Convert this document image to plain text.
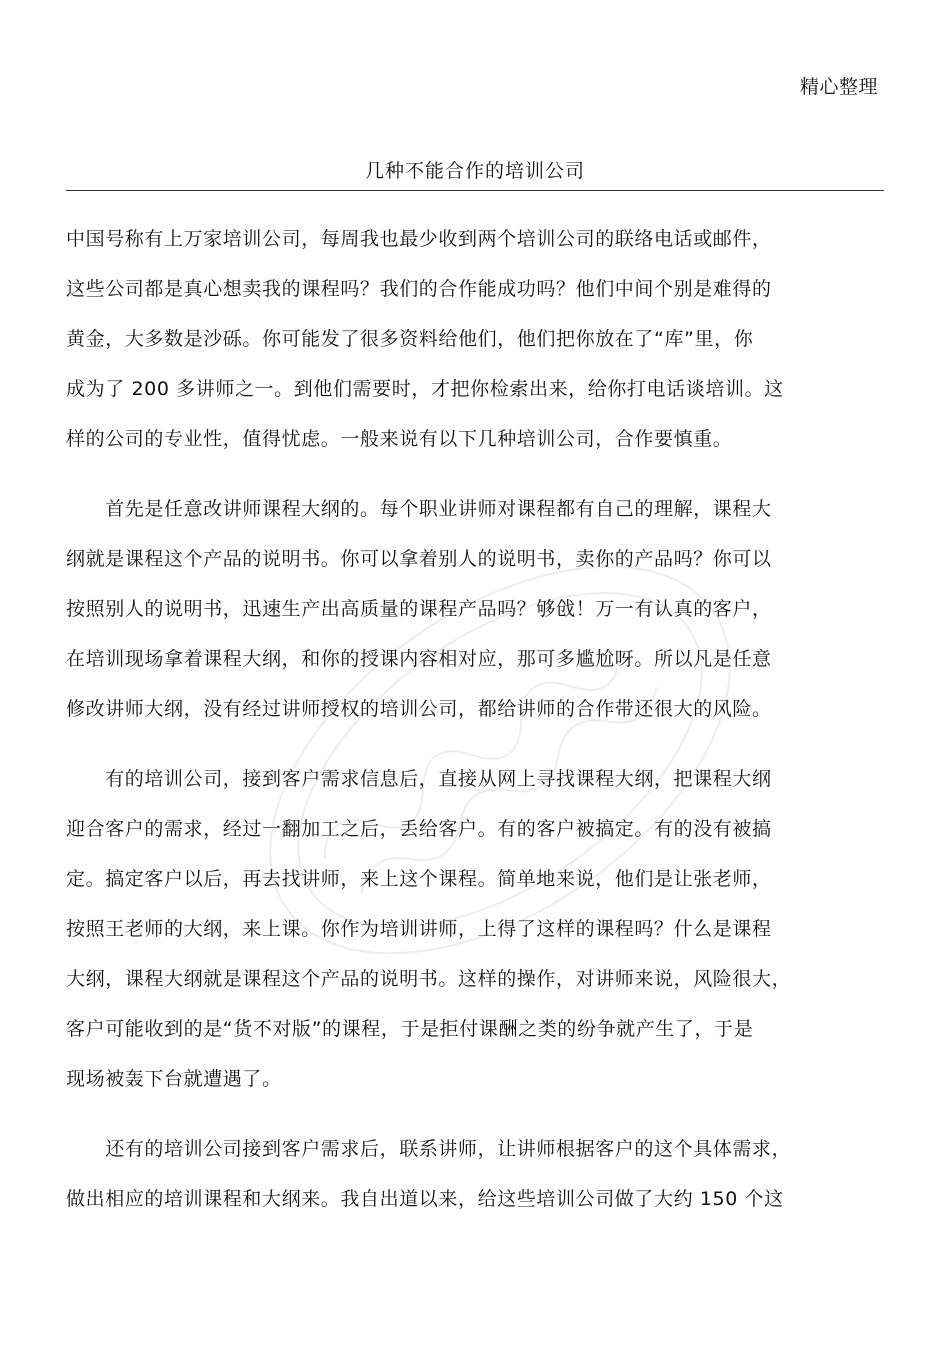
精心整理
几种不能合作的培训公司
中国号称有上万家培训公司，每周我也最少收到两个培训公司的联络电话或邮件，
这些公司都是真心想卖我的课程吗？我们的合作能成功吗？他们中间个别是难得的
黄金，大多数是沙砾。你可能发了很多资料给他们，他们把你放在了“库”里，你
成为了 200 多讲师之一。到他们需要时，才把你检索出来，给你打电话谈培训。这
样的公司的专业性，值得忧虑。一般来说有以下几种培训公司，合作要慎重。
　　首先是任意改讲师课程大纲的。每个职业讲师对课程都有自己的理解，课程大
纲就是课程这个产品的说明书。你可以拿着别人的说明书，卖你的产品吗？你可以
按照别人的说明书，迅速生产出高质量的课程产品吗？够戗！万一有认真的客户，
在培训现场拿着课程大纲，和你的授课内容相对应，那可多尴尬呀。所以凡是任意
修改讲师大纲，没有经过讲师授权的培训公司，都给讲师的合作带还很大的风险。
　　有的培训公司，接到客户需求信息后，直接从网上寻找课程大纲，把课程大纲
迎合客户的需求，经过一翻加工之后，丢给客户。有的客户被搞定。有的没有被搞
定。搞定客户以后，再去找讲师，来上这个课程。简单地来说，他们是让张老师，
按照王老师的大纲，来上课。你作为培训讲师，上得了这样的课程吗？什么是课程
大纲，课程大纲就是课程这个产品的说明书。这样的操作，对讲师来说，风险很大，
客户可能收到的是“货不对版”的课程，于是拒付课酬之类的纷争就产生了，于是
现场被轰下台就遭遇了。
　　还有的培训公司接到客户需求后，联系讲师，让讲师根据客户的这个具体需求，
做出相应的培训课程和大纲来。我自出道以来，给这些培训公司做了大约 150 个这
